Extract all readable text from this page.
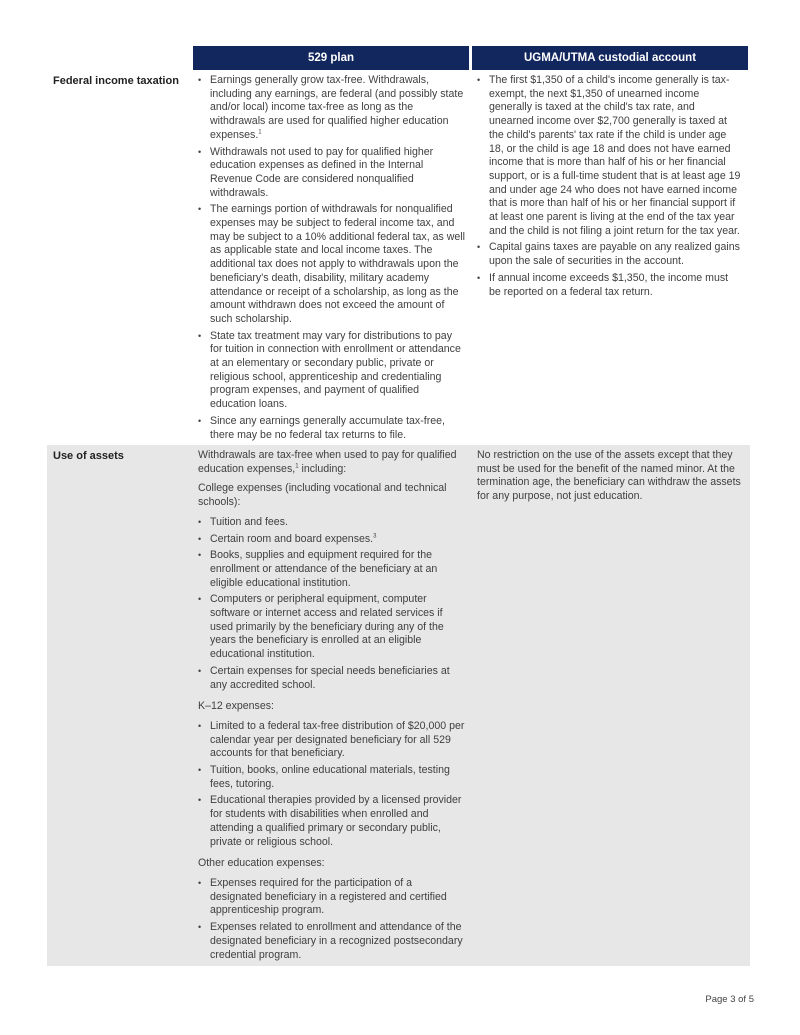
529 plan	UGMA/UTMA custodial account
Federal income taxation
•	Earnings generally grow tax-free. Withdrawals, including any earnings, are federal (and possibly state and/or local) income tax-free as long as the withdrawals are used for qualified higher education expenses.$^1$
• Withdrawals not used to pay for qualified higher education expenses as defined in the Internal Revenue Code are considered nonqualified withdrawals.
• The earnings portion of withdrawals for nonqualified expenses may be subject to federal income tax, and may be subject to a 10% additional federal tax, as well as applicable state and local income taxes. The additional tax does not apply to withdrawals upon the beneficiary's death, disability, military academy attendance or receipt of a scholarship, as long as the amount withdrawn does not exceed the amount of such scholarship.
• State tax treatment may vary for distributions to pay for tuition in connection with enrollment or attendance at an elementary or secondary public, private or religious school, apprenticeship and credentialing program expenses, and payment of qualified education loans.
• Since any earnings generally accumulate tax-free, there may be no federal tax returns to file.
• The first $1,350 of a child's income generally is tax-exempt, the next $1,350 of unearned income generally is taxed at the child's tax rate, and unearned income over $2,700 generally is taxed at the child's parents' tax rate if the child is under age 18, or the child is age 18 and does not have earned income that is more than half of his or her financial support, or is a full-time student that is at least age 19 and under age 24 who does not have earned income that is more than half of his or her financial support if at least one parent is living at the end of the tax year and the child is not filing a joint return for the tax year.
• Capital gains taxes are payable on any realized gains upon the sale of securities in the account.
• If annual income exceeds $1,350, the income must be reported on a federal tax return.
Use of assets	Withdrawals are tax-free when used to pay for qualified education expenses,$^1$ including:

College expenses (including vocational and technical schools):

• Tuition and fees.
• Certain room and board expenses.$^3$
• Books, supplies and equipment required for the enrollment or attendance of the beneficiary at an eligible educational institution.
• Computers or peripheral equipment, computer software or internet access and related services if used primarily by the beneficiary during any of the years the beneficiary is enrolled at an eligible educational institution.
• Certain expenses for special needs beneficiaries at any accredited school.

K–12 expenses:

• Limited to a federal tax-free distribution of $20,000 per calendar year per designated beneficiary for all 529 accounts for that beneficiary.
• Tuition, books, online educational materials, testing fees, tutoring.
• Educational therapies provided by a licensed provider for students with disabilities when enrolled and attending a qualified primary or secondary public, private or religious school.

Other education expenses:

• Expenses required for the participation of a designated beneficiary in a registered and certified apprenticeship program.
• Expenses related to enrollment and attendance of the designated beneficiary in a recognized postsecondary credential program.

No restriction on the use of the assets except that they must be used for the benefit of the named minor. At the termination age, the beneficiary can withdraw the assets for any purpose, not just education.

Page 3 of 5
